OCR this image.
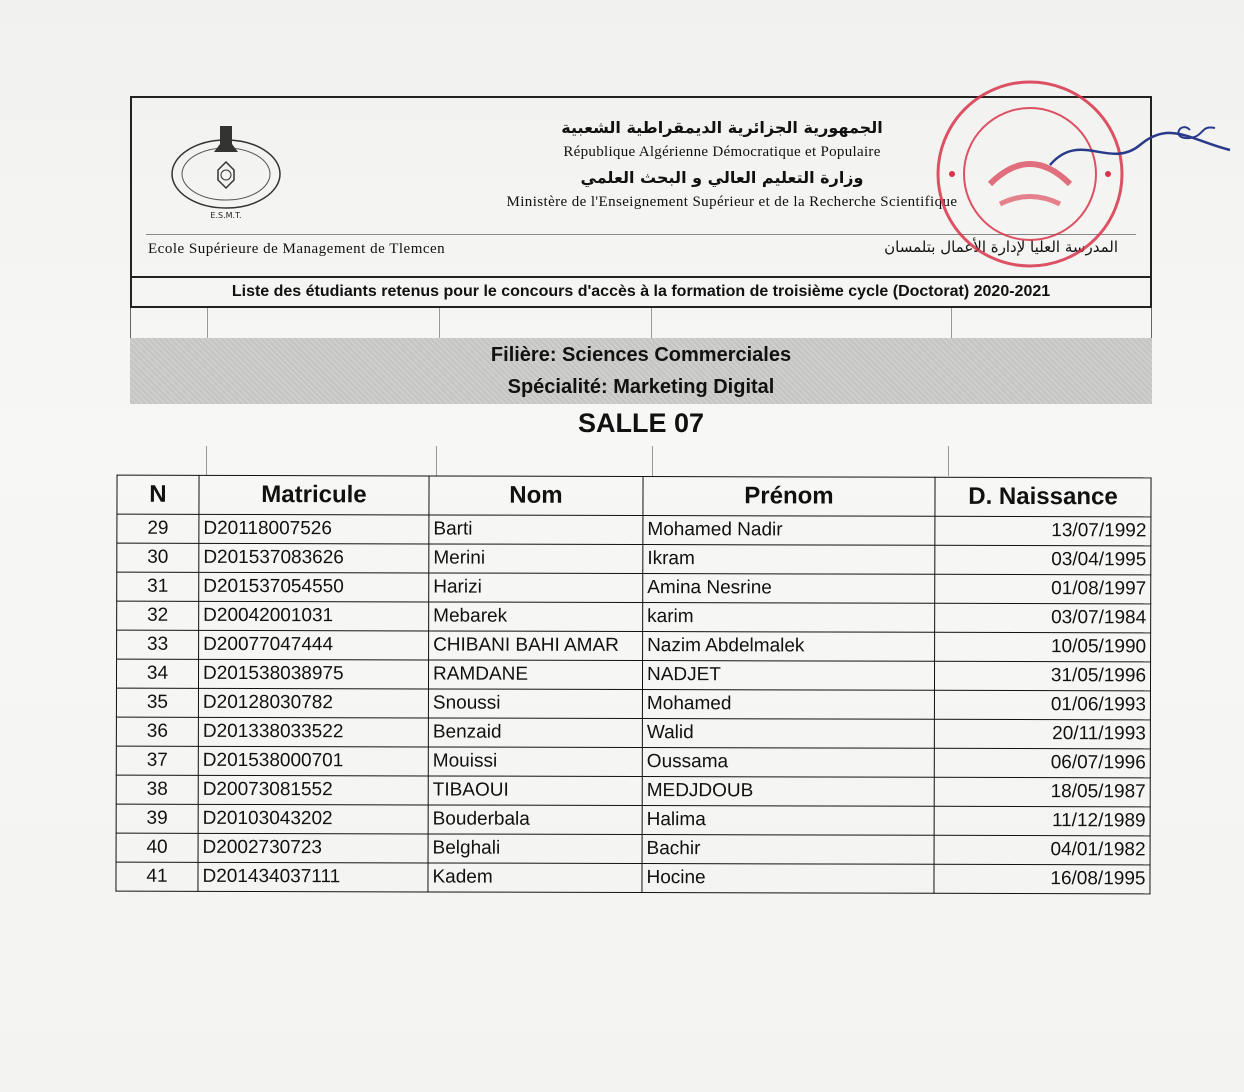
E.S.M.T.
الجمهورية الجزائرية الديمقراطية الشعبية
République Algérienne Démocratique et Populaire
وزارة التعليم العالي و البحث العلمي
Ministère de l'Enseignement Supérieur et de la Recherche Scientifique
Ecole Supérieure de Management de Tlemcen	المدرسة العليا لإدارة الأعمال بتلمسان
Liste des étudiants retenus pour le concours d'accès à la formation de troisième cycle (Doctorat) 2020-2021
Filière: Sciences Commerciales
Spécialité: Marketing Digital
SALLE 07
N	Matricule	Nom	Prénom	D. Naissance
29	D20118007526	Barti	Mohamed Nadir	13/07/1992
30	D201537083626	Merini	Ikram	03/04/1995
31	D201537054550	Harizi	Amina Nesrine	01/08/1997
32	D20042001031	Mebarek	karim	03/07/1984
33	D20077047444	CHIBANI BAHI AMAR	Nazim Abdelmalek	10/05/1990
34	D201538038975	RAMDANE	NADJET	31/05/1996
35	D20128030782	Snoussi	Mohamed	01/06/1993
36	D201338033522	Benzaid	Walid	20/11/1993
37	D201538000701	Mouissi	Oussama	06/07/1996
38	D20073081552	TIBAOUI	MEDJDOUB	18/05/1987
39	D20103043202	Bouderbala	Halima	11/12/1989
40	D2002730723	Belghali	Bachir	04/01/1982
41	D201434037111	Kadem	Hocine	16/08/1995
